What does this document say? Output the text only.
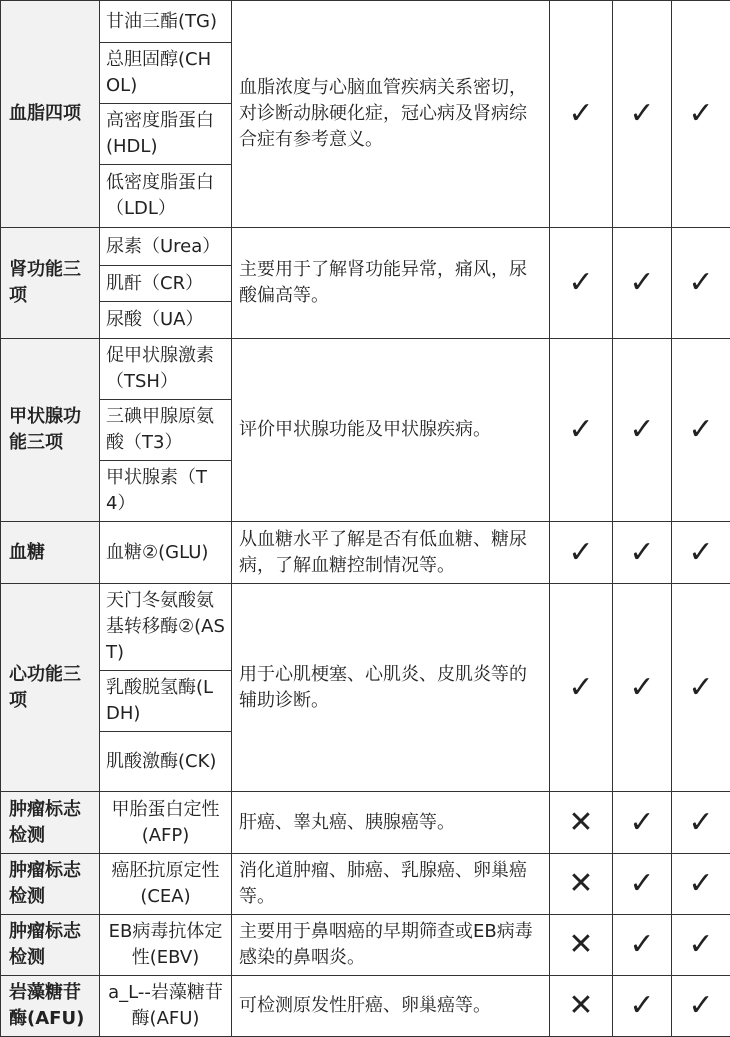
血脂四项	甘油三酯(TG)	血脂浓度与心脑血管疾病关系密切，对诊断动脉硬化症，冠心病及肾病综合症有参考意义。	✓	✓	✓
	总胆固醇(CHOL)				
	高密度脂蛋白(HDL)				
	低密度脂蛋白（LDL）				
肾功能三项	尿素（Urea）	主要用于了解肾功能异常，痛风，尿酸偏高等。	✓	✓	✓
	肌酐（CR）				
	尿酸（UA）				
甲状腺功能三项	促甲状腺激素（TSH）	评价甲状腺功能及甲状腺疾病。	✓	✓	✓
	三碘甲腺原氨酸（T3）				
	甲状腺素（T4）				
血糖	血糖②(GLU)	从血糖水平了解是否有低血糖、糖尿病，了解血糖控制情况等。	✓	✓	✓
心功能三项	天门冬氨酸氨基转移酶②(AST)	用于心肌梗塞、心肌炎、皮肌炎等的辅助诊断。	✓	✓	✓
	乳酸脱氢酶(LDH)				
	肌酸激酶(CK)				
肿瘤标志检测	甲胎蛋白定性(AFP)	肝癌、睾丸癌、胰腺癌等。	✕	✓	✓
肿瘤标志检测	癌胚抗原定性(CEA)	消化道肿瘤、肺癌、乳腺癌、卵巢癌等。	✕	✓	✓
肿瘤标志检测	EB病毒抗体定性(EBV)	主要用于鼻咽癌的早期筛查或EB病毒感染的鼻咽炎。	✕	✓	✓
岩藻糖苷酶(AFU)	a_L--岩藻糖苷酶(AFU)	可检测原发性肝癌、卵巢癌等。	✕	✓	✓
